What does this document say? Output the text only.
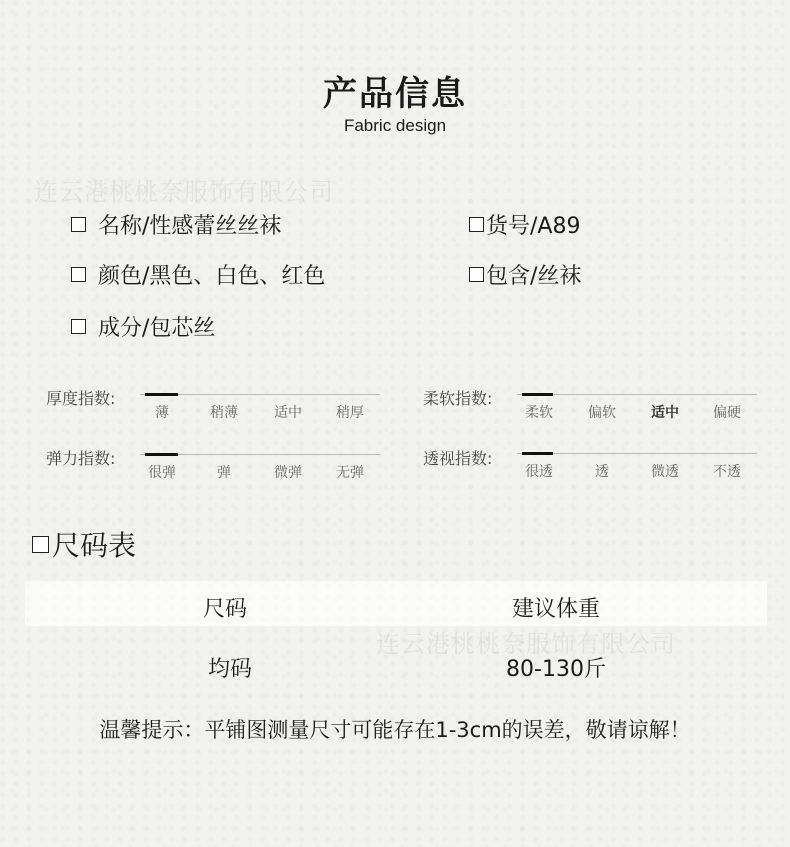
产品信息
Fabric design
连云港桃桃奈服饰有限公司
连云港桃桃奈服饰有限公司
名称/性感蕾丝丝袜	货号/A89
颜色/黑色、白色、红色	包含/丝袜
成分/包芯丝
厚度指数:
薄	稍薄	适中	稍厚
柔软指数:
柔软	偏软	适中	偏硬
弹力指数:
很弹	弹	微弹	无弹
透视指数:
很透	透	微透	不透
尺码表
尺码	建议体重
均码	80-130斤
温馨提示：平铺图测量尺寸可能存在1-3cm的误差，敬请谅解！
